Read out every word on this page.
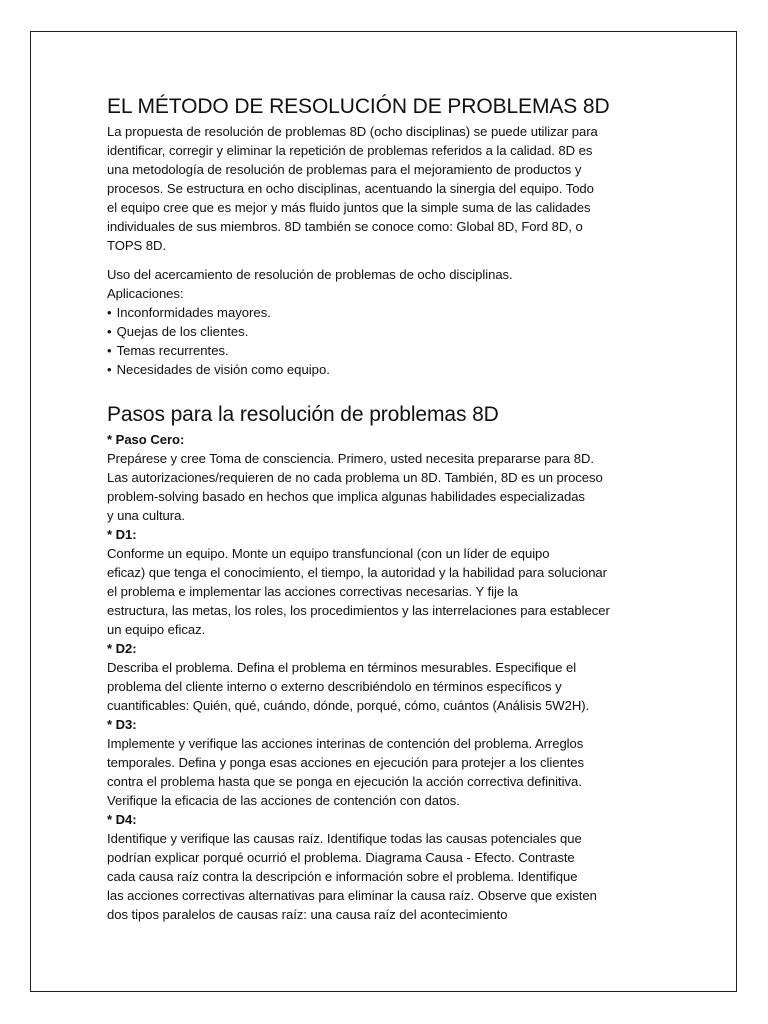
EL MÉTODO DE RESOLUCIÓN DE PROBLEMAS 8D

La propuesta de resolución de problemas 8D (ocho disciplinas) se puede utilizar para
identificar, corregir y eliminar la repetición de problemas referidos a la calidad. 8D es
una metodología de resolución de problemas para el mejoramiento de productos y
procesos. Se estructura en ocho disciplinas, acentuando la sinergia del equipo. Todo
el equipo cree que es mejor y más fluido juntos que la simple suma de las calidades
individuales de sus miembros. 8D también se conoce como: Global 8D, Ford 8D, o
TOPS 8D.

Uso del acercamiento de resolución de problemas de ocho disciplinas.
Aplicaciones:

• Inconformidades mayores.
• Quejas de los clientes.
• Temas recurrentes.
• Necesidades de visión como equipo.
Pasos para la resolución de problemas 8D

* Paso Cero:
Prepárese y cree Toma de consciencia. Primero, usted necesita prepararse para 8D.
Las autorizaciones/requieren de no cada problema un 8D. También, 8D es un proceso
problem-solving basado en hechos que implica algunas habilidades especializadas
y una cultura.

* D1:
Conforme un equipo. Monte un equipo transfuncional (con un líder de equipo
eficaz) que tenga el conocimiento, el tiempo, la autoridad y la habilidad para solucionar
el problema e implementar las acciones correctivas necesarias. Y fije la
estructura, las metas, los roles, los procedimientos y las interrelaciones para establecer
un equipo eficaz.

* D2:
Describa el problema. Defina el problema en términos mesurables. Especifique el
problema del cliente interno o externo describiéndolo en términos específicos y
cuantificables: Quién, qué, cuándo, dónde, porqué, cómo, cuántos (Análisis 5W2H).

* D3:
Implemente y verifique las acciones interinas de contención del problema. Arreglos
temporales. Defina y ponga esas acciones en ejecución para protejer a los clientes
contra el problema hasta que se ponga en ejecución la acción correctiva definitiva.
Verifique la eficacia de las acciones de contención con datos.

* D4:
Identifique y verifique las causas raíz. Identifique todas las causas potenciales que
podrían explicar porqué ocurrió el problema. Diagrama Causa - Efecto. Contraste
cada causa raíz contra la descripción e información sobre el problema. Identifique
las acciones correctivas alternativas para eliminar la causa raíz. Observe que existen
dos tipos paralelos de causas raíz: una causa raíz del acontecimiento
